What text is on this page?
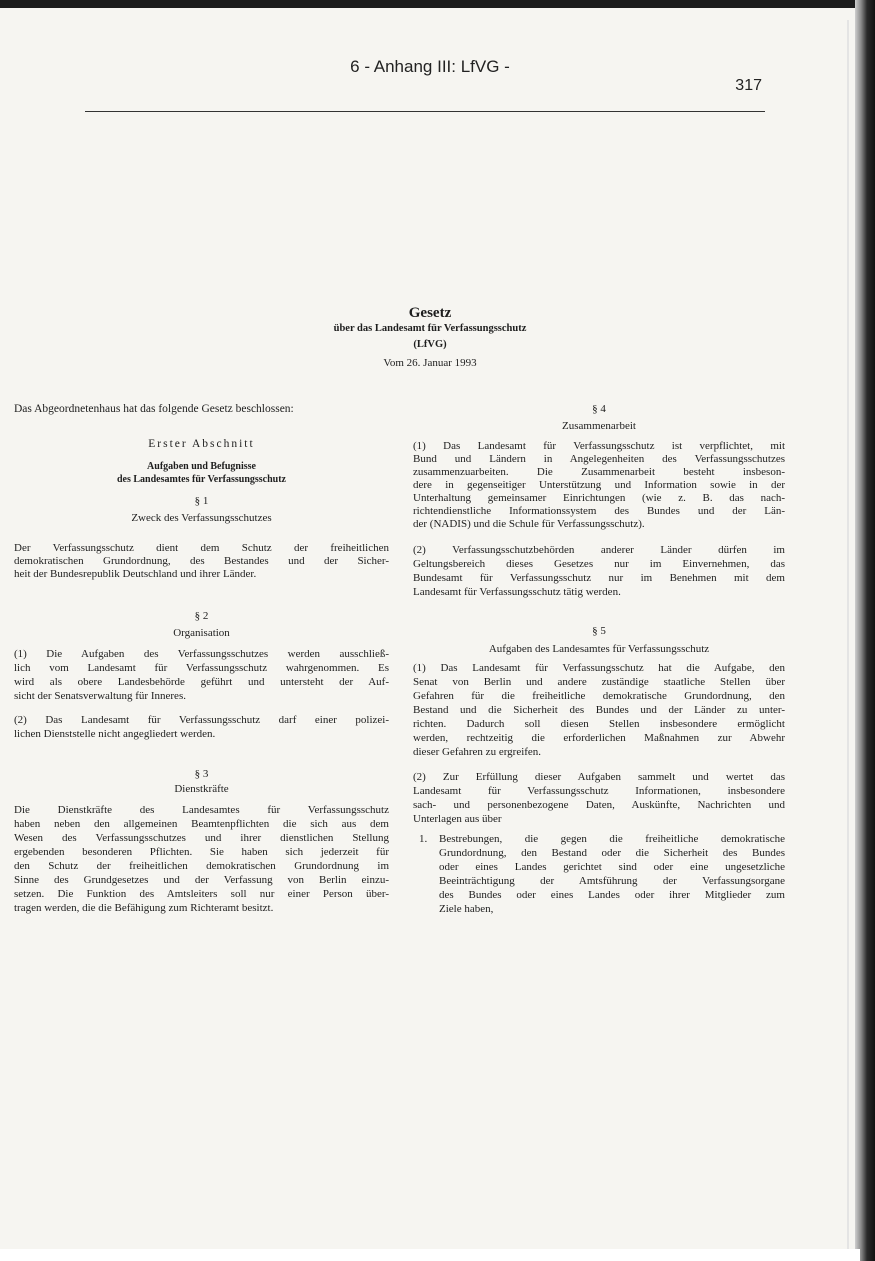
6 - Anhang III: LfVG -
317
Gesetz
über das Landesamt für Verfassungsschutz
(LfVG)
Vom 26. Januar 1993
Das Abgeordnetenhaus hat das folgende Gesetz beschlossen:
Erster Abschnitt
Aufgaben und Befugnisse
des Landesamtes für Verfassungsschutz
§ 1
Zweck des Verfassungsschutzes
Der Verfassungsschutz dient dem Schutz der freiheitlichen
demokratischen Grundordnung, des Bestandes und der Sicher-
heit der Bundesrepublik Deutschland und ihrer Länder.
§ 2
Organisation
(1) Die Aufgaben des Verfassungsschutzes werden ausschließ-
lich vom Landesamt für Verfassungsschutz wahrgenommen. Es
wird als obere Landesbehörde geführt und untersteht der Auf-
sicht der Senatsverwaltung für Inneres.
(2) Das Landesamt für Verfassungsschutz darf einer polizei-
lichen Dienststelle nicht angegliedert werden.
§ 3
Dienstkräfte
Die Dienstkräfte des Landesamtes für Verfassungsschutz
haben neben den allgemeinen Beamtenpflichten die sich aus dem
Wesen des Verfassungsschutzes und ihrer dienstlichen Stellung
ergebenden besonderen Pflichten. Sie haben sich jederzeit für
den Schutz der freiheitlichen demokratischen Grundordnung im
Sinne des Grundgesetzes und der Verfassung von Berlin einzu-
setzen. Die Funktion des Amtsleiters soll nur einer Person über-
tragen werden, die die Befähigung zum Richteramt besitzt.
§ 4
Zusammenarbeit
(1) Das Landesamt für Verfassungsschutz ist verpflichtet, mit
Bund und Ländern in Angelegenheiten des Verfassungsschutzes
zusammenzuarbeiten. Die Zusammenarbeit besteht insbeson-
dere in gegenseitiger Unterstützung und Information sowie in der
Unterhaltung gemeinsamer Einrichtungen (wie z. B. das nach-
richtendienstliche Informationssystem des Bundes und der Län-
der (NADIS) und die Schule für Verfassungsschutz).
(2) Verfassungsschutzbehörden anderer Länder dürfen im
Geltungsbereich dieses Gesetzes nur im Einvernehmen, das
Bundesamt für Verfassungsschutz nur im Benehmen mit dem
Landesamt für Verfassungsschutz tätig werden.
§ 5
Aufgaben des Landesamtes für Verfassungsschutz
(1) Das Landesamt für Verfassungsschutz hat die Aufgabe, den
Senat von Berlin und andere zuständige staatliche Stellen über
Gefahren für die freiheitliche demokratische Grundordnung, den
Bestand und die Sicherheit des Bundes und der Länder zu unter-
richten. Dadurch soll diesen Stellen insbesondere ermöglicht
werden, rechtzeitig die erforderlichen Maßnahmen zur Abwehr
dieser Gefahren zu ergreifen.
(2) Zur Erfüllung dieser Aufgaben sammelt und wertet das
Landesamt für Verfassungsschutz Informationen, insbesondere
sach- und personenbezogene Daten, Auskünfte, Nachrichten und
Unterlagen aus über
1. Bestrebungen, die gegen die freiheitliche demokratische
Grundordnung, den Bestand oder die Sicherheit des Bundes
oder eines Landes gerichtet sind oder eine ungesetzliche
Beeinträchtigung der Amtsführung der Verfassungsorgane
des Bundes oder eines Landes oder ihrer Mitglieder zum
Ziele haben,
